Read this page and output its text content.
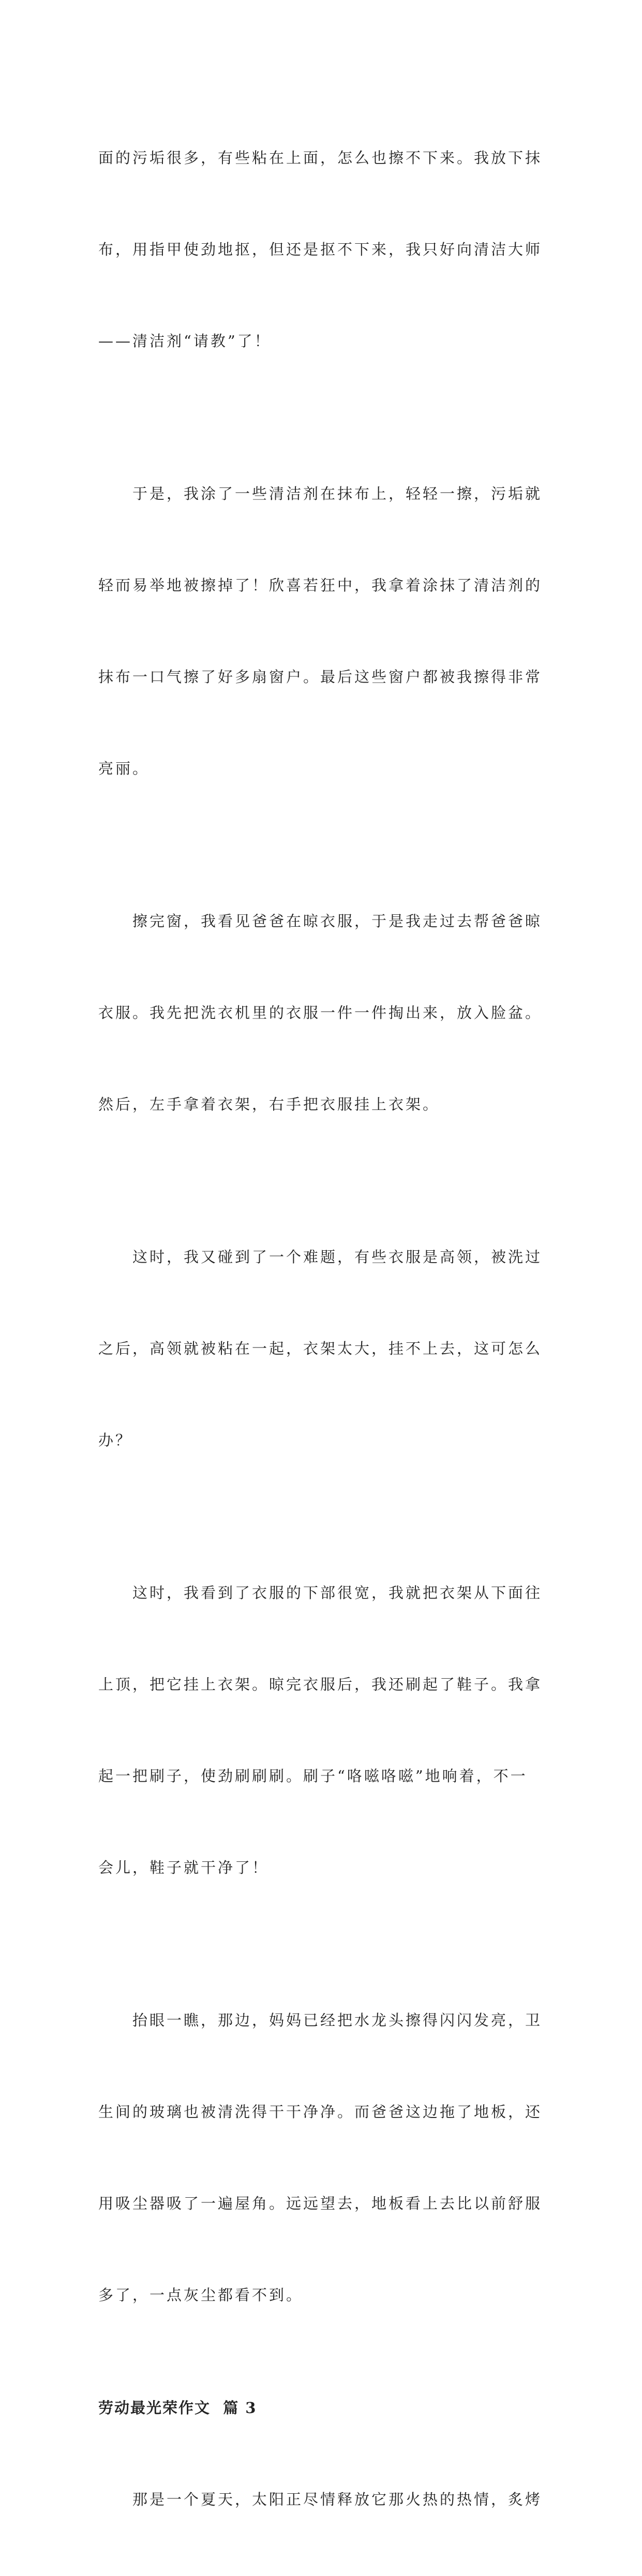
面的污垢很多，有些粘在上面，怎么也擦不下来。我放下抹

布，用指甲使劲地抠，但还是抠不下来，我只好向清洁大师

——清洁剂“请教”了！

于是，我涂了一些清洁剂在抹布上，轻轻一擦，污垢就

轻而易举地被擦掉了！欣喜若狂中，我拿着涂抹了清洁剂的

抹布一口气擦了好多扇窗户。最后这些窗户都被我擦得非常

亮丽。

擦完窗，我看见爸爸在晾衣服，于是我走过去帮爸爸晾

衣服。我先把洗衣机里的衣服一件一件掏出来，放入脸盆。

然后，左手拿着衣架，右手把衣服挂上衣架。

这时，我又碰到了一个难题，有些衣服是高领，被洗过

之后，高领就被粘在一起，衣架太大，挂不上去，这可怎么

办？

这时，我看到了衣服的下部很宽，我就把衣架从下面往

上顶，把它挂上衣架。晾完衣服后，我还刷起了鞋子。我拿

起一把刷子，使劲刷刷刷。刷子“咯嗞咯嗞”地响着，不一

会儿，鞋子就干净了！

抬眼一瞧，那边，妈妈已经把水龙头擦得闪闪发亮，卫

生间的玻璃也被清洗得干干净净。而爸爸这边拖了地板，还

用吸尘器吸了一遍屋角。远远望去，地板看上去比以前舒服

多了，一点灰尘都看不到。

劳动最光荣作文  篇 3

那是一个夏天，太阳正尽情释放它那火热的热情，炙烤
